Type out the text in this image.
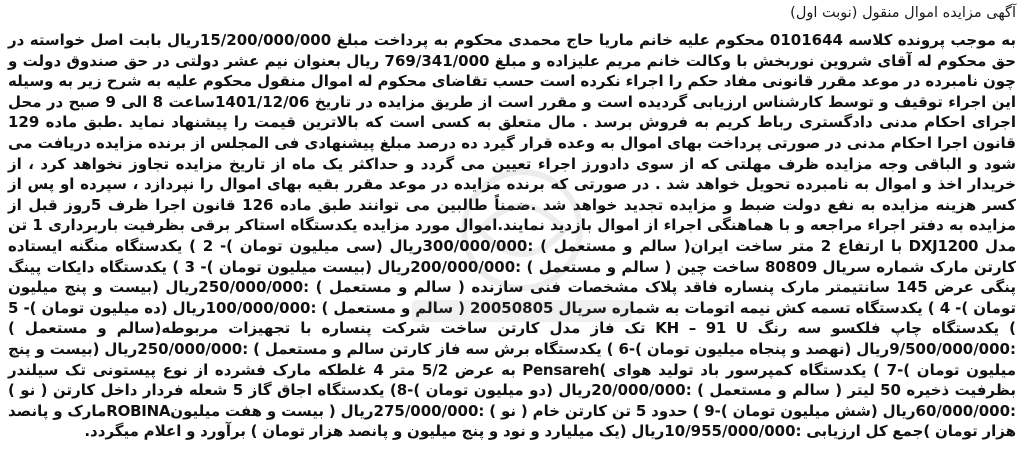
آگهی مزایده اموال منقول (نوبت اول)

به موجب پرونده کلاسه 0101644 محکوم علیه خانم ماریا حاج محمدی محکوم به پرداخت مبلغ 15/200/000/000ریال بابت اصل خواسته در حق محکوم له آقای شروین نوربخش با وکالت خانم مریم علیزاده و مبلغ 769/341/000 ریال بعنوان نیم عشر دولتی در حق صندوق دولت و چون نامبرده در موعد مقرر قانونی مفاد حکم را اجراء نکرده است حسب تقاضای محکوم له اموال منقول محکوم علیه به شرح زیر به وسیله این اجراء توقیف و توسط کارشناس ارزیابی گردیده است و مقرر است از طریق مزایده در تاریخ 1401/12/06ساعت 8 الی 9 صبح در محل اجرای احکام مدنی دادگستری رباط کریم به فروش برسد . مال متعلق به کسی است که بالاترین قیمت را پیشنهاد نماید .طبق ماده 129 قانون اجرا احکام مدنی در صورتی پرداخت بهای اموال به وعده قرار گیرد ده درصد مبلغ پیشنهادی فی المجلس از برنده مزایده دریافت می شود و الباقی وجه مزایده ظرف مهلتی که از سوی دادورز اجراء تعیین می گردد و حداکثر یک ماه از تاریخ مزایده تجاوز نخواهد کرد ، از خریدار اخذ و اموال به نامبرده تحویل خواهد شد . در صورتی که برنده مزایده در موعد مقرر بقیه بهای اموال را نپردازد ، سپرده او پس از کسر هزینه مزایده به نفع دولت ضبط و مزایده تجدید خواهد شد .ضمناً طالبین می توانند طبق ماده 126 قانون اجرا ظرف 5روز قبل از مزایده به دفتر اجراء مراجعه و با هماهنگی اجراء از اموال بازدید نمایند.اموال مورد مزایده یکدستگاه استاکر برقی بظرفیت باربرداری 1 تن مدل DXJ1200 با ارتفاع 2 متر ساخت ایران( سالم و مستعمل ) :300/000/000ریال (سی میلیون تومان )- 2 ) یکدستگاه منگنه ایستاده کارتن مارک شماره سریال 80809 ساخت چین ( سالم و مستعمل ) :200/000/000ریال (بیست میلیون تومان )- 3 ) یکدستگاه دایکات پینگ پنگی عرض 145 سانتیمتر مارک پنساره فاقد پلاک مشخصات فنی سازنده ( سالم و مستعمل ) :250/000/000ریال (بیست و پنج میلیون تومان )- 4 ) یکدستگاه تسمه کش نیمه اتومات به شماره سریال 20050805 ( سالم و مستعمل ) :100/000/000ریال (ده میلیون تومان )- 5 ) یکدستگاه چاپ فلکسو سه رنگ KH – 91 U تک فاز مدل کارتن ساخت شرکت پنساره با تجهیزات مربوطه(سالم و مستعمل ) :9/500/000/000ریال (نهصد و پنجاه میلیون تومان )-6 ) یکدستگاه برش سه فاز کارتن سالم و مستعمل ) :250/000/000ریال (بیست و پنج میلیون تومان )-7 ) یکدستگاه کمپرسور باد تولید هوای )Pensareh به عرض 5/2 متر 4 غلطکه مارک فشرده از نوع پیستونی تک سیلندر بظرفیت ذخیره 50 لیتر ( سالم و مستعمل ) :20/000/000ریال (دو میلیون تومان )-8) یکدستگاه اجاق گاز 5 شعله فردار داخل کارتن ( نو ) :60/000/000ریال (شش میلیون تومان )-9 ) حدود 5 تن کارتن خام ( نو ) :275/000/000ریال ( بیست و هفت میلیونROBINAمارک و پانصد هزار تومان )جمع کل ارزیابی :10/955/000/000ریال (یک میلیارد و نود و پنج میلیون و پانصد هزار تومان ) برآورد و اعلام میگردد.
